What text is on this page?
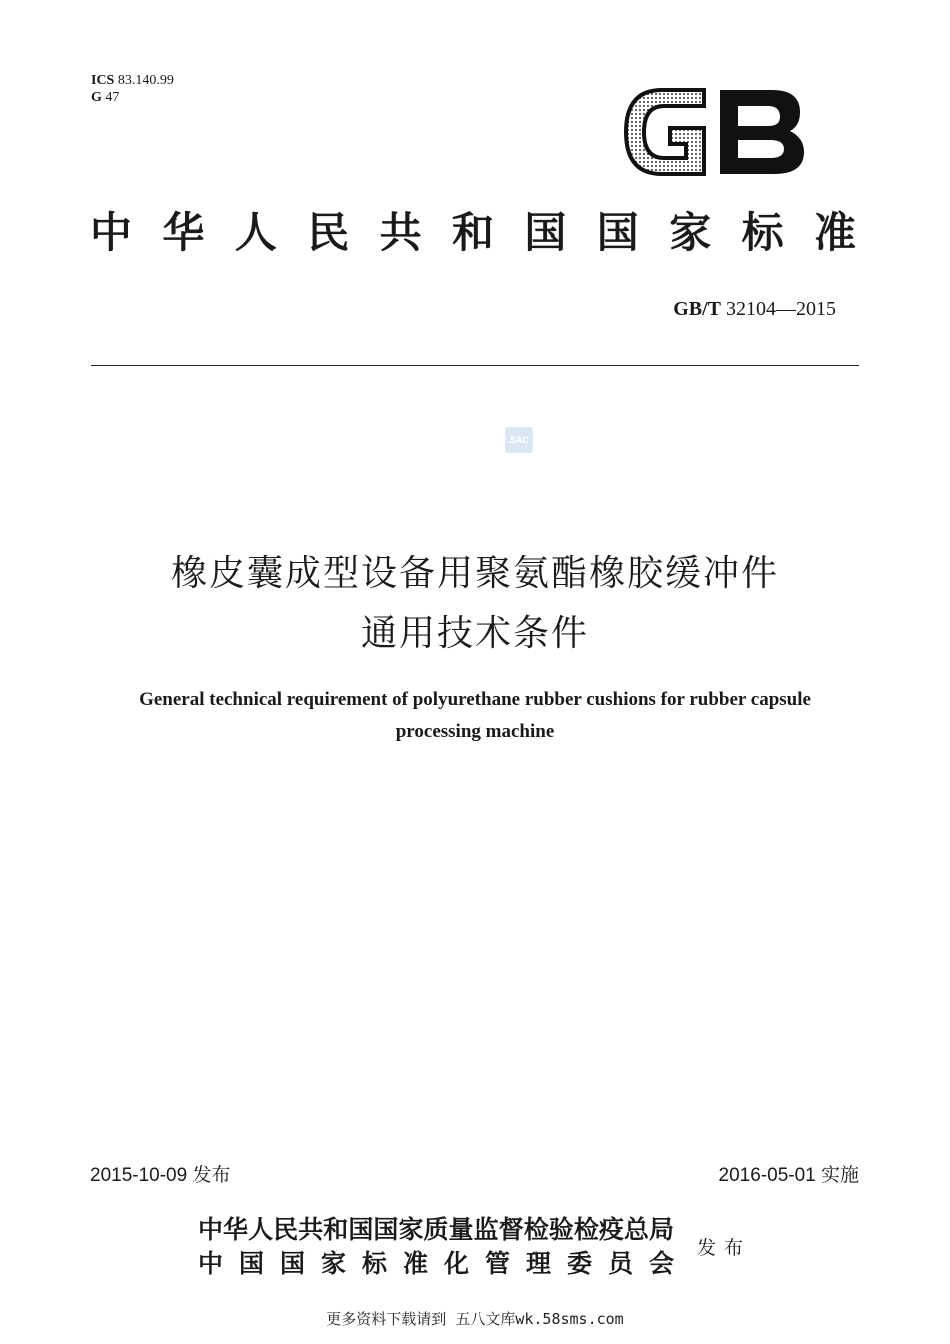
ICS 83.140.99
G 47
GB
中华人民共和国国家标准
GB/T 32104—2015
SAC
橡皮囊成型设备用聚氨酯橡胶缓冲件
通用技术条件
General technical requirement of polyurethane rubber cushions for rubber capsule
processing machine
2015-10-09 发布	2016-05-01 实施
中华人民共和国国家质量监督检验检疫总局
中国国家标准化管理委员会
发布
更多资料下载请到 五八文库wk.58sms.com
